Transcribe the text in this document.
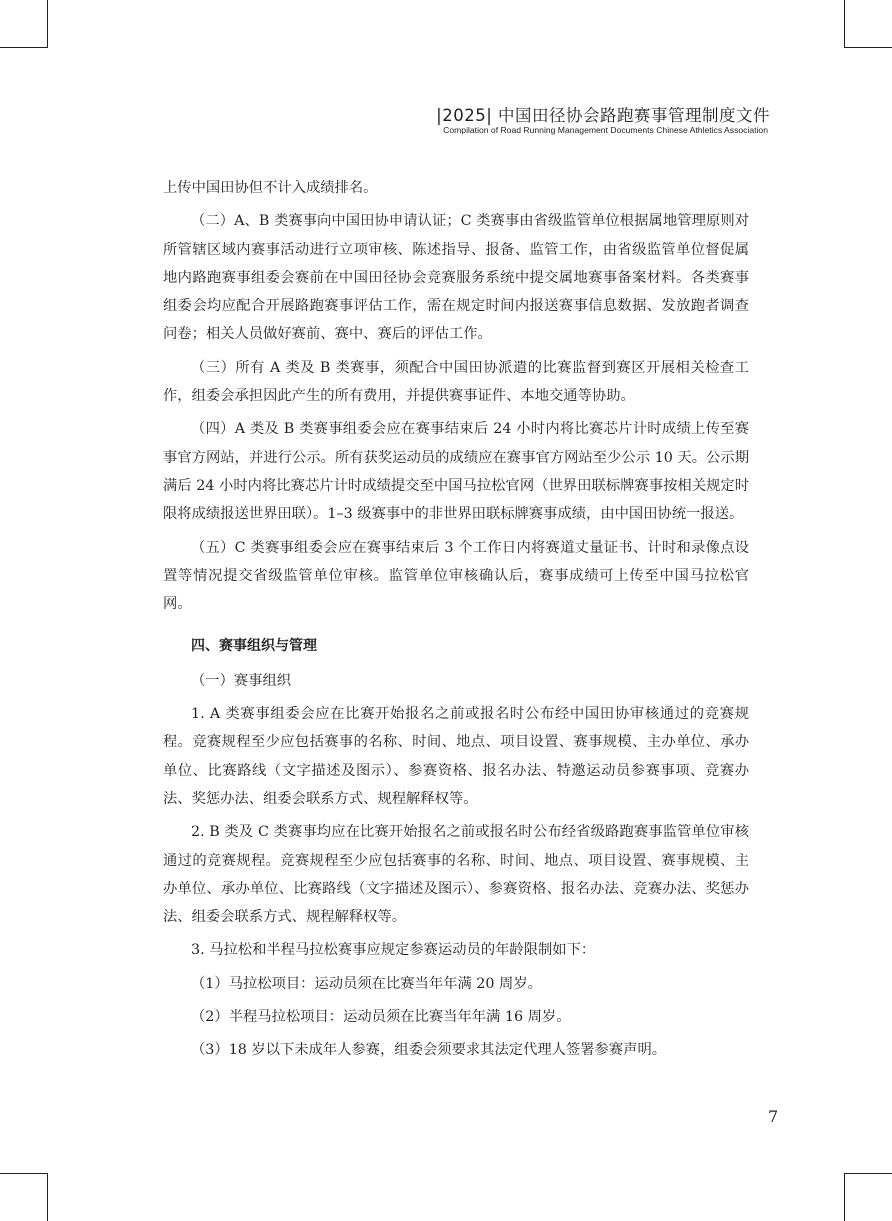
|2025| 中国田径协会路跑赛事管理制度文件
Compilation of Road Running Management Documents Chinese Athletics Association

上传中国田协但不计入成绩排名。

（二）A、B 类赛事向中国田协申请认证；C 类赛事由省级监管单位根据属地管理原则对所管辖区域内赛事活动进行立项审核、陈述指导、报备、监管工作，由省级监管单位督促属地内路跑赛事组委会赛前在中国田径协会竞赛服务系统中提交属地赛事备案材料。各类赛事组委会均应配合开展路跑赛事评估工作，需在规定时间内报送赛事信息数据、发放跑者调查问卷；相关人员做好赛前、赛中、赛后的评估工作。

（三）所有 A 类及 B 类赛事，须配合中国田协派遣的比赛监督到赛区开展相关检查工作，组委会承担因此产生的所有费用，并提供赛事证件、本地交通等协助。

（四）A 类及 B 类赛事组委会应在赛事结束后 24 小时内将比赛芯片计时成绩上传至赛事官方网站，并进行公示。所有获奖运动员的成绩应在赛事官方网站至少公示 10 天。公示期满后 24 小时内将比赛芯片计时成绩提交至中国马拉松官网（世界田联标牌赛事按相关规定时限将成绩报送世界田联）。1–3 级赛事中的非世界田联标牌赛事成绩，由中国田协统一报送。

（五）C 类赛事组委会应在赛事结束后 3 个工作日内将赛道丈量证书、计时和录像点设置等情况提交省级监管单位审核。监管单位审核确认后，赛事成绩可上传至中国马拉松官网。

四、赛事组织与管理

（一）赛事组织

1. A 类赛事组委会应在比赛开始报名之前或报名时公布经中国田协审核通过的竞赛规程。竞赛规程至少应包括赛事的名称、时间、地点、项目设置、赛事规模、主办单位、承办单位、比赛路线（文字描述及图示）、参赛资格、报名办法、特邀运动员参赛事项、竞赛办法、奖惩办法、组委会联系方式、规程解释权等。

2. B 类及 C 类赛事均应在比赛开始报名之前或报名时公布经省级路跑赛事监管单位审核通过的竞赛规程。竞赛规程至少应包括赛事的名称、时间、地点、项目设置、赛事规模、主办单位、承办单位、比赛路线（文字描述及图示）、参赛资格、报名办法、竞赛办法、奖惩办法、组委会联系方式、规程解释权等。

3. 马拉松和半程马拉松赛事应规定参赛运动员的年龄限制如下：

（1）马拉松项目：运动员须在比赛当年年满 20 周岁。

（2）半程马拉松项目：运动员须在比赛当年年满 16 周岁。

（3）18 岁以下未成年人参赛，组委会须要求其法定代理人签署参赛声明。

7
